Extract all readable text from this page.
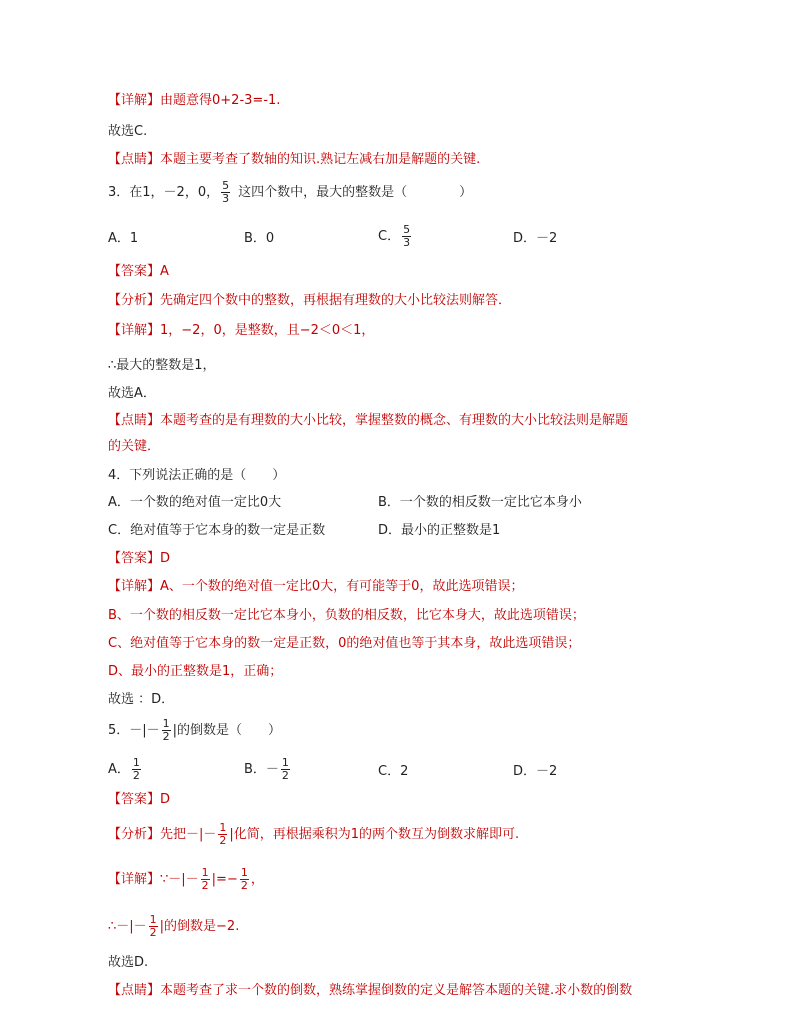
【详解】由题意得0+2-3=-1.
故选C.
【点睛】本题主要考查了数轴的知识.熟记左减右加是解题的关键.
3．在1，－2，0， $\frac{5}{3}$ 这四个数中，最大的整数是（　　　　）
A．1	B．0	C． $\frac{5}{3}$	D．－2
【答案】A
【分析】先确定四个数中的整数，再根据有理数的大小比较法则解答．
【详解】1，−2，0，是整数，且−2＜0＜1，
∴最大的整数是1，
故选A．
【点睛】本题考查的是有理数的大小比较，掌握整数的概念、有理数的大小比较法则是解题
的关键．
4．下列说法正确的是（　　）
A．一个数的绝对值一定比0大	B．一个数的相反数一定比它本身小
C．绝对值等于它本身的数一定是正数	D．最小的正整数是1
【答案】D
【详解】A、一个数的绝对值一定比0大，有可能等于0，故此选项错误；
B、一个数的相反数一定比它本身小，负数的相反数，比它本身大，故此选项错误；
C、绝对值等于它本身的数一定是正数，0的绝对值也等于其本身，故此选项错误；
D、最小的正整数是1，正确；
故选 ：D．
5．－|－ $\frac{1}{2}$ |的倒数是（　　）
A． $\frac{1}{2}$	B．－ $\frac{1}{2}$	C．2	D．－2
【答案】D
【分析】先把－|－ $\frac{1}{2}$ |化简，再根据乘积为1的两个数互为倒数求解即可.
【详解】∵－|－ $\frac{1}{2}$ |=− $\frac{1}{2}$ ，
∴－|－ $\frac{1}{2}$ |的倒数是−2.
故选D.
【点睛】本题考查了求一个数的倒数，熟练掌握倒数的定义是解答本题的关键.求小数的倒数
